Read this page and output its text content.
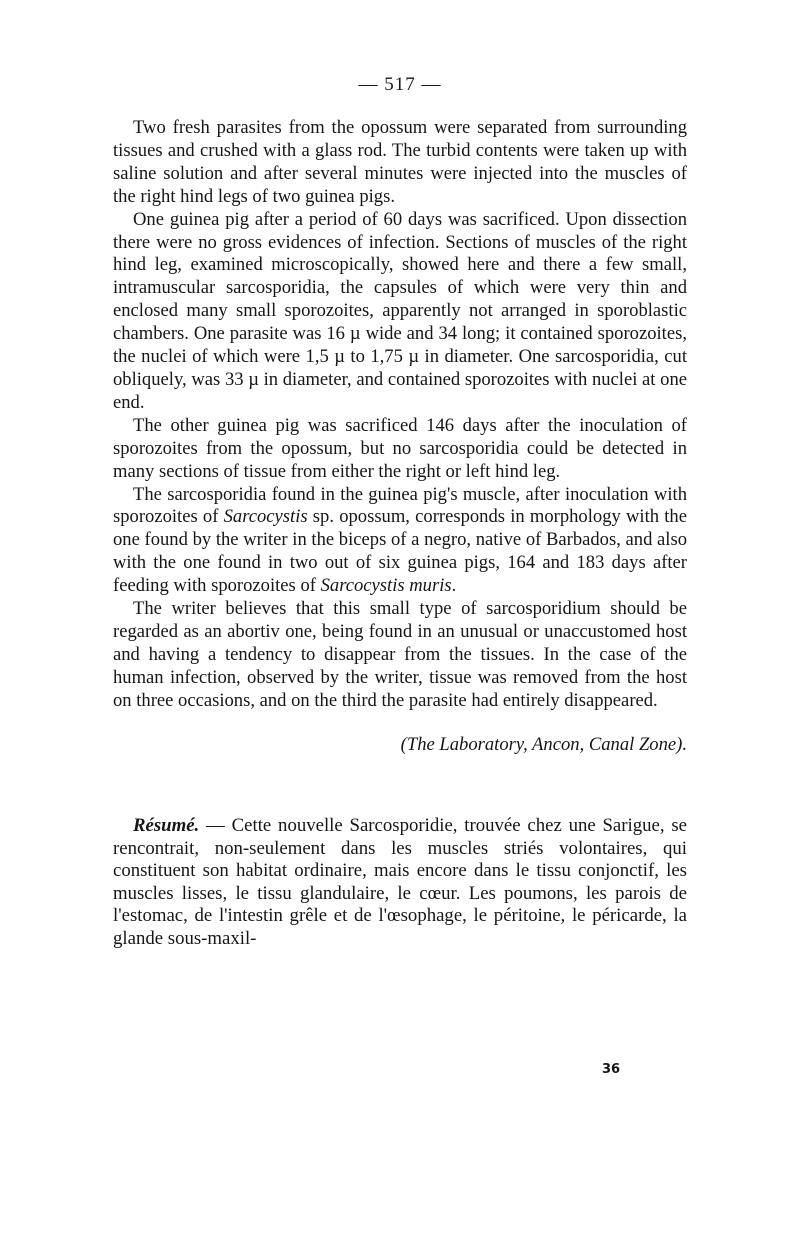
— 517 —

Two fresh parasites from the opossum were separated from surrounding tissues and crushed with a glass rod. The turbid contents were taken up with saline solution and after several minutes were injected into the muscles of the right hind legs of two guinea pigs.

One guinea pig after a period of 60 days was sacrificed. Upon dissection there were no gross evidences of infection. Sections of muscles of the right hind leg, examined microscopically, showed here and there a few small, intramuscular sarcosporidia, the capsules of which were very thin and enclosed many small sporozoites, apparently not arranged in sporoblastic chambers. One parasite was 16 µ wide and 34 long; it contained sporozoites, the nuclei of which were 1,5 µ to 1,75 µ in diameter. One sarcosporidia, cut obliquely, was 33 µ in diameter, and contained sporozoites with nuclei at one end.

The other guinea pig was sacrificed 146 days after the inoculation of sporozoites from the opossum, but no sarcosporidia could be detected in many sections of tissue from either the right or left hind leg.

The sarcosporidia found in the guinea pig's muscle, after inoculation with sporozoites of Sarcocystis sp. opossum, corresponds in morphology with the one found by the writer in the biceps of a negro, native of Barbados, and also with the one found in two out of six guinea pigs, 164 and 183 days after feeding with sporozoites of Sarcocystis muris.

The writer believes that this small type of sarcosporidium should be regarded as an abortiv one, being found in an unusual or unaccustomed host and having a tendency to disappear from the tissues. In the case of the human infection, observed by the writer, tissue was removed from the host on three occasions, and on the third the parasite had entirely disappeared.

(The Laboratory, Ancon, Canal Zone).

Résumé. — Cette nouvelle Sarcosporidie, trouvée chez une Sarigue, se rencontrait, non-seulement dans les muscles striés volontaires, qui constituent son habitat ordinaire, mais encore dans le tissu conjonctif, les muscles lisses, le tissu glandulaire, le cœur. Les poumons, les parois de l'estomac, de l'intestin grêle et de l'œsophage, le péritoine, le péricarde, la glande sous-maxil-

36
